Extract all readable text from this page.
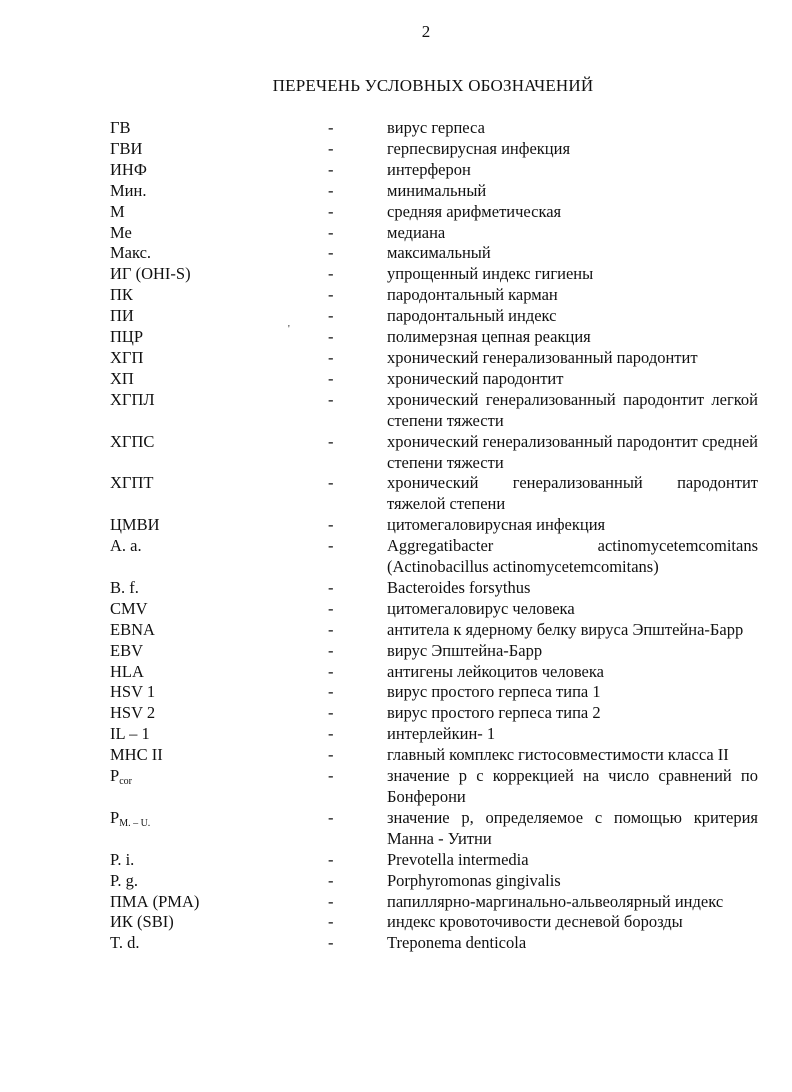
2
ПЕРЕЧЕНЬ УСЛОВНЫХ ОБОЗНАЧЕНИЙ
'
ГВ	-	вирус герпеса
ГВИ	-	герпесвирусная инфекция
ИНФ	-	интерферон
Мин.	-	минимальный
М	-	средняя арифметическая
Ме	-	медиана
Макс.	-	максимальный
ИГ (OHI-S)	-	упрощенный индекс гигиены
ПК	-	пародонтальный карман
ПИ	-	пародонтальный индекс
ПЦР	-	полимерзная цепная реакция
ХГП	-	хронический генерализованный пародонтит
ХП	-	хронический пародонтит
ХГПЛ	-	хронический генерализованный пародонтит легкой степени тяжести
ХГПС	-	хронический генерализованный пародонтит средней степени тяжести
ХГПТ	-	хронический генерализованный пародонтит тяжелой степени
ЦМВИ	-	цитомегаловирусная инфекция
A. a.	-	Aggregatibacter actinomycetemcomitans (Actinobacillus actinomycetemcomitans)
B. f.	-	Bacteroides forsythus
CMV	-	цитомегаловирус человека
EBNA	-	антитела к ядерному белку вируса Эпштейна-Барр
EBV	-	вирус Эпштейна-Барр
HLA	-	антигены лейкоцитов человека
HSV 1	-	вирус простого герпеса типа 1
HSV 2	-	вирус простого герпеса типа 2
IL – 1	-	интерлейкин- 1
MHC II	-	главный комплекс гистосовместимости класса II
$P_{cor}$	-	значение р с коррекцией на число сравнений по Бонферони
$P_{M. - U.}$	-	значение р, определяемое с помощью критерия Манна - Уитни
P. i.	-	Prevotella intermedia
P. g.	-	Porphyromonas gingivalis
ПМА (PMA)	-	папиллярно-маргинально-альвеолярный индекс
ИК (SBI)	-	индекс кровоточивости десневой борозды
T. d.	-	Treponema denticola
